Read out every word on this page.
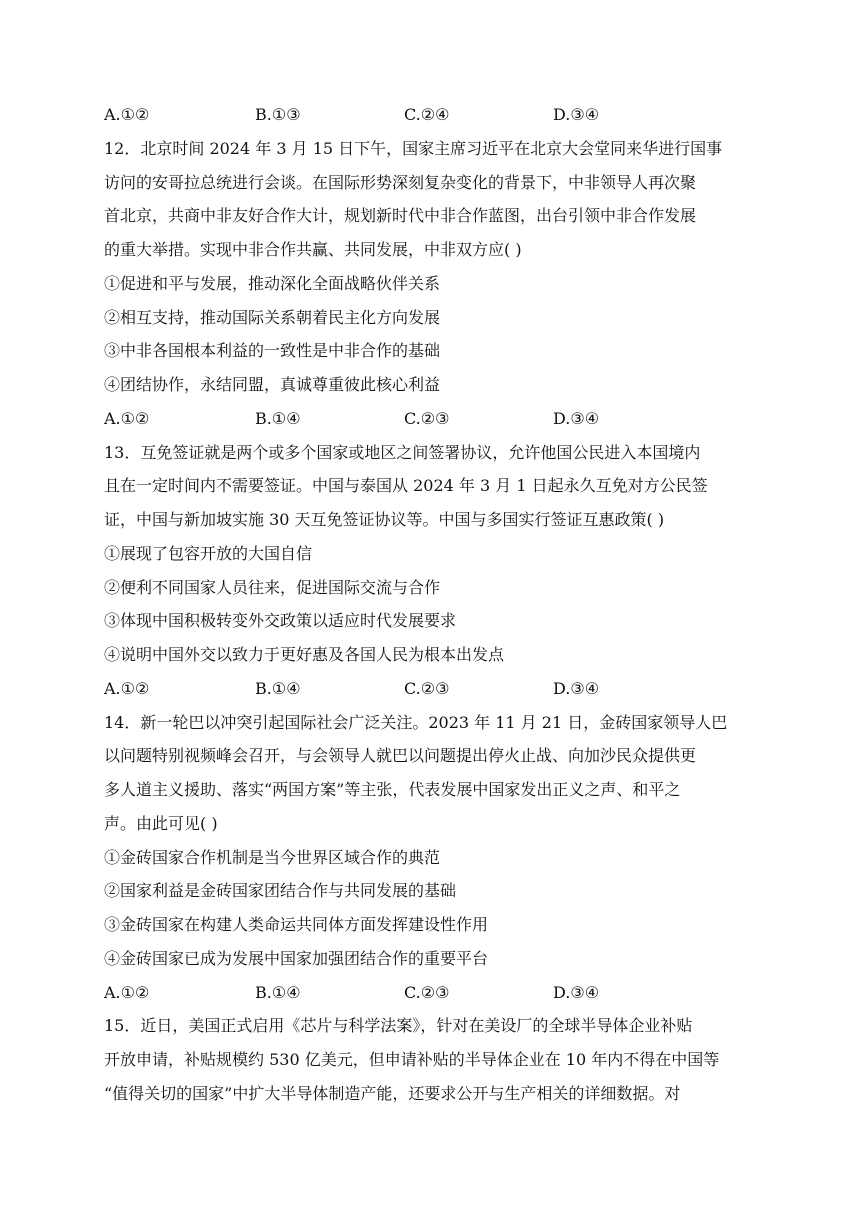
A.①②	B.①③	C.②④	D.③④
12．北京时间 2024 年 3 月 15 日下午，国家主席习近平在北京大会堂同来华进行国事
访问的安哥拉总统进行会谈。在国际形势深刻复杂变化的背景下，中非领导人再次聚
首北京，共商中非友好合作大计，规划新时代中非合作蓝图，出台引领中非合作发展
的重大举措。实现中非合作共赢、共同发展，中非双方应( )
①促进和平与发展，推动深化全面战略伙伴关系
②相互支持，推动国际关系朝着民主化方向发展
③中非各国根本利益的一致性是中非合作的基础
④团结协作，永结同盟，真诚尊重彼此核心利益
A.①②	B.①④	C.②③	D.③④
13．互免签证就是两个或多个国家或地区之间签署协议，允许他国公民进入本国境内
且在一定时间内不需要签证。中国与泰国从 2024 年 3 月 1 日起永久互免对方公民签
证，中国与新加坡实施 30 天互免签证协议等。中国与多国实行签证互惠政策( )
①展现了包容开放的大国自信
②便利不同国家人员往来，促进国际交流与合作
③体现中国积极转变外交政策以适应时代发展要求
④说明中国外交以致力于更好惠及各国人民为根本出发点
A.①②	B.①④	C.②③	D.③④
14．新一轮巴以冲突引起国际社会广泛关注。2023 年 11 月 21 日，金砖国家领导人巴
以问题特别视频峰会召开，与会领导人就巴以问题提出停火止战、向加沙民众提供更
多人道主义援助、落实“两国方案”等主张，代表发展中国家发出正义之声、和平之
声。由此可见( )
①金砖国家合作机制是当今世界区域合作的典范
②国家利益是金砖国家团结合作与共同发展的基础
③金砖国家在构建人类命运共同体方面发挥建设性作用
④金砖国家已成为发展中国家加强团结合作的重要平台
A.①②	B.①④	C.②③	D.③④
15．近日，美国正式启用《芯片与科学法案》，针对在美设厂的全球半导体企业补贴
开放申请，补贴规模约 530 亿美元，但申请补贴的半导体企业在 10 年内不得在中国等
“值得关切的国家”中扩大半导体制造产能，还要求公开与生产相关的详细数据。对
